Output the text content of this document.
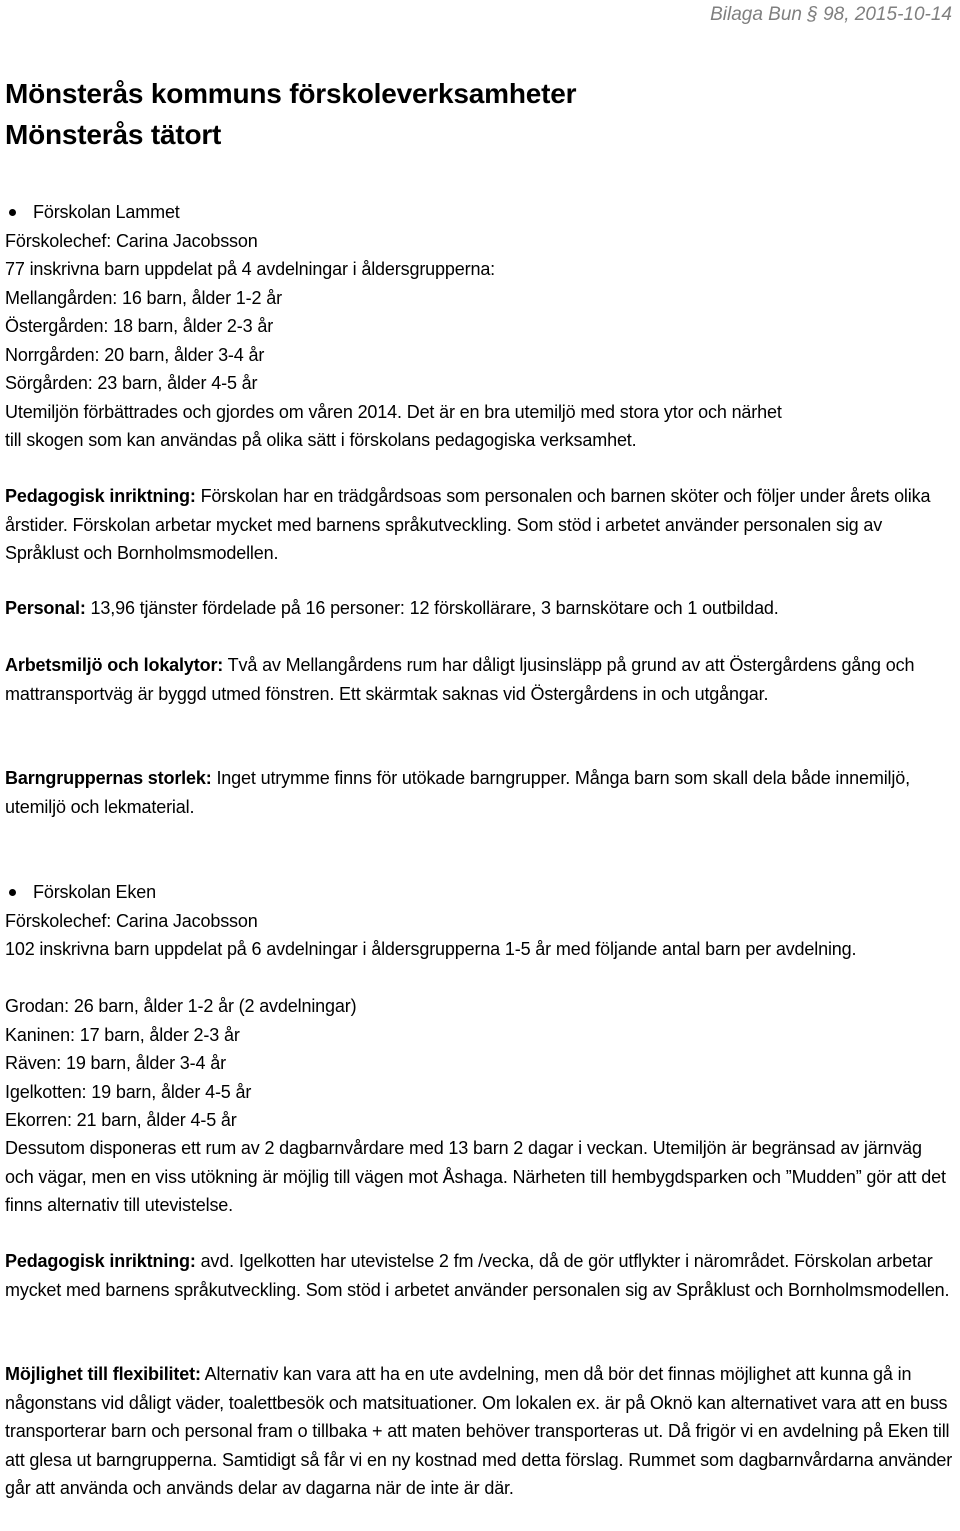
Bilaga Bun § 98, 2015-10-14
Mönsterås kommuns förskoleverksamheter
Mönsterås tätort
Förskolan Lammet
Förskolechef: Carina Jacobsson
77 inskrivna barn uppdelat på 4 avdelningar i åldersgrupperna:
Mellangården: 16 barn, ålder 1-2 år
Östergården: 18 barn, ålder 2-3 år
Norrgården: 20 barn, ålder 3-4 år
Sörgården: 23 barn, ålder 4-5 år
Utemiljön förbättrades och gjordes om våren 2014. Det är en bra utemiljö med stora ytor och närhet
till skogen som kan användas på olika sätt i förskolans pedagogiska verksamhet.

Pedagogisk inriktning: Förskolan har en trädgårdsoas som personalen och barnen sköter och följer under årets olika årstider. Förskolan arbetar mycket med barnens språkutveckling. Som stöd i arbetet använder personalen sig av Språklust och Bornholmsmodellen.

Personal: 13,96 tjänster fördelade på 16 personer: 12 förskollärare, 3 barnskötare och 1 outbildad.

Arbetsmiljö och lokalytor: Två av Mellangårdens rum har dåligt ljusinsläpp på grund av att Östergårdens gång och mattransportväg är byggd utmed fönstren. Ett skärmtak saknas vid Östergårdens in och utgångar.

Barngruppernas storlek: Inget utrymme finns för utökade barngrupper. Många barn som skall dela både innemiljö, utemiljö och lekmaterial.

Förskolan Eken
Förskolechef: Carina Jacobsson

102 inskrivna barn uppdelat på 6 avdelningar i åldersgrupperna 1-5 år med följande antal barn per avdelning.

Grodan: 26 barn, ålder 1-2 år (2 avdelningar)
Kaninen: 17 barn, ålder 2-3 år
Räven: 19 barn, ålder 3-4 år
Igelkotten: 19 barn, ålder 4-5 år
Ekorren: 21 barn, ålder 4-5 år

Dessutom disponeras ett rum av 2 dagbarnvårdare med 13 barn 2 dagar i veckan. Utemiljön är begränsad av järnväg och vägar, men en viss utökning är möjlig till vägen mot Åshaga. Närheten till hembygdsparken och ”Mudden” gör att det finns alternativ till utevistelse.

Pedagogisk inriktning: avd. Igelkotten har utevistelse 2 fm /vecka, då de gör utflykter i närområdet. Förskolan arbetar mycket med barnens språkutveckling. Som stöd i arbetet använder personalen sig av Språklust och Bornholmsmodellen.

Möjlighet till flexibilitet: Alternativ kan vara att ha en ute avdelning, men då bör det finnas möjlighet att kunna gå in någonstans vid dåligt väder, toalettbesök och matsituationer. Om lokalen ex. är på Oknö kan alternativet vara att en buss transporterar barn och personal fram o tillbaka + att maten behöver transporteras ut. Då frigör vi en avdelning på Eken till att glesa ut barngrupperna. Samtidigt så får vi en ny kostnad med detta förslag. Rummet som dagbarnvårdarna använder går att använda och används delar av dagarna när de inte är där.
